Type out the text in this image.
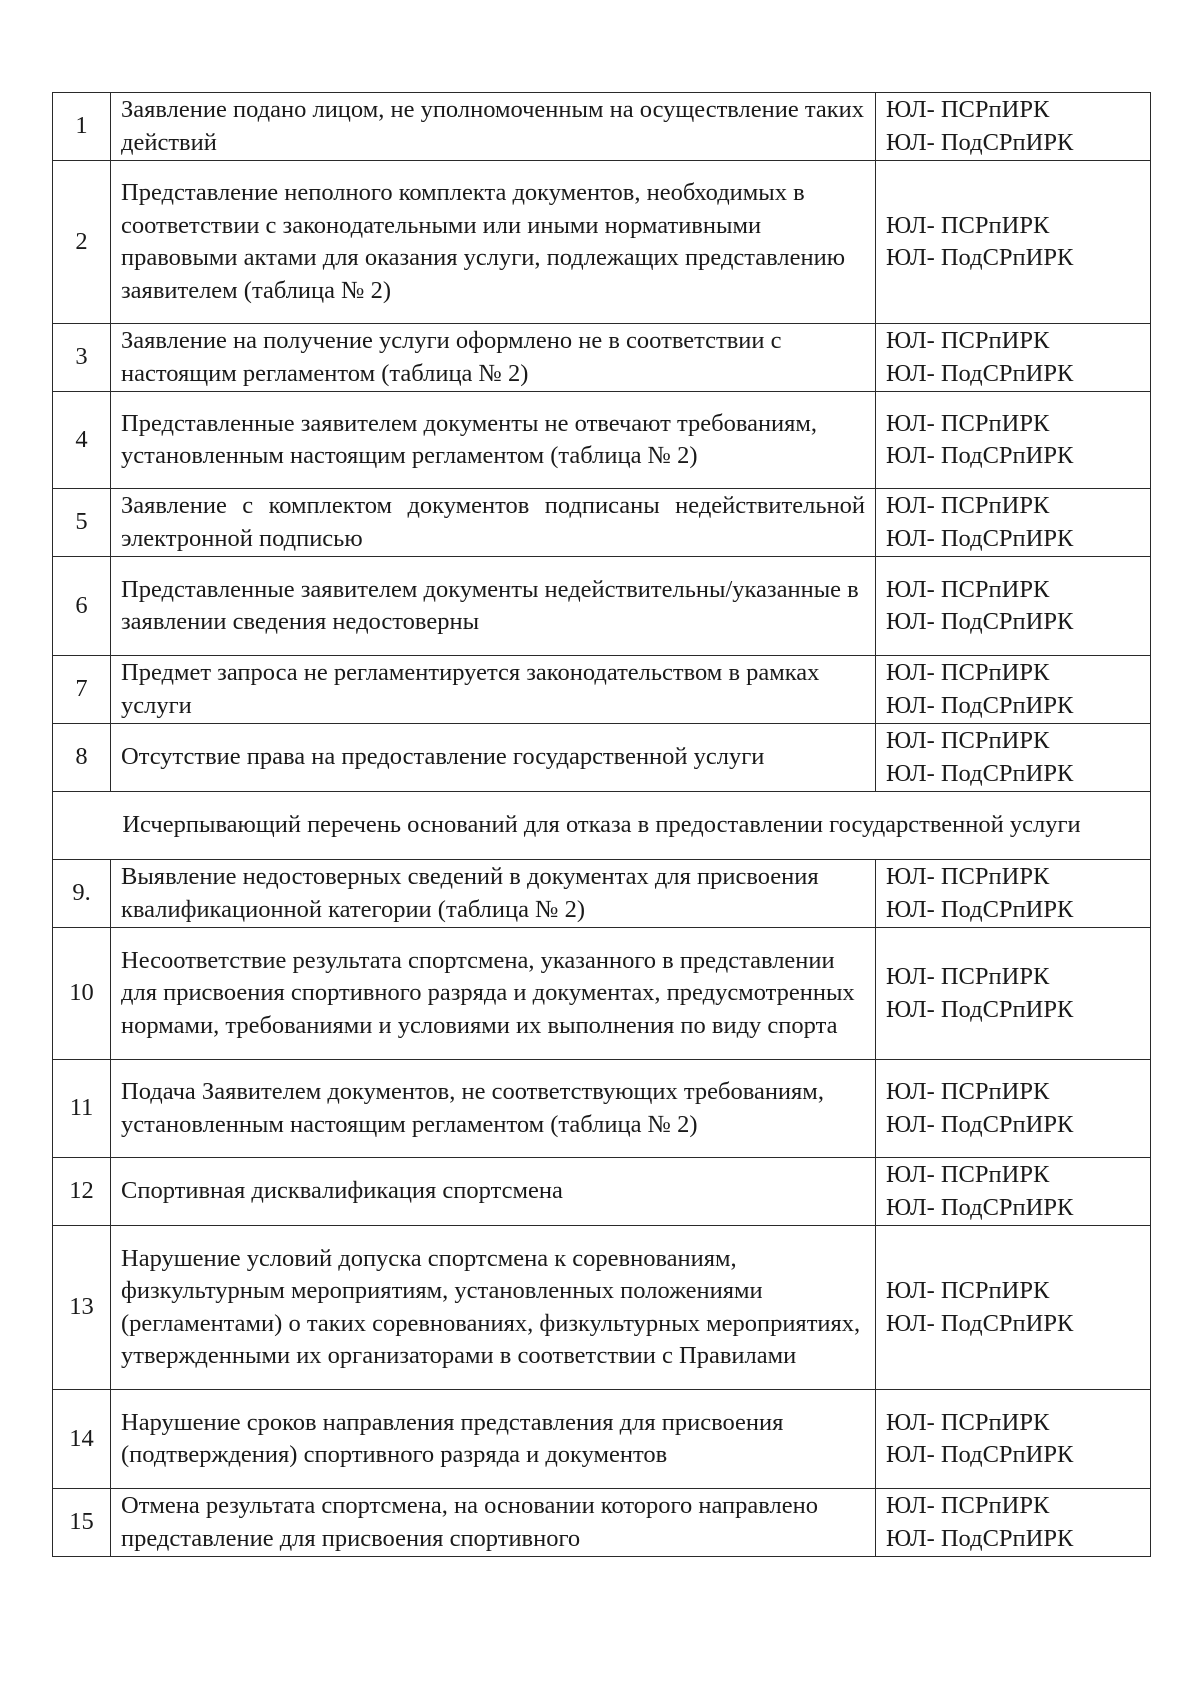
1	Заявление подано лицом, не уполномоченным на осуществление таких действий	ЮЛ- ПСРпИРК
ЮЛ- ПодСРпИРК

2	Представление неполного комплекта документов, необходимых в соответствии с законодательными или иными нормативными правовыми актами для оказания услуги, подлежащих представлению заявителем (таблица № 2)	ЮЛ- ПСРпИРК
ЮЛ- ПодСРпИРК

3	Заявление на получение услуги оформлено не в соответствии с настоящим регламентом (таблица № 2)	ЮЛ- ПСРпИРК
ЮЛ- ПодСРпИРК

4	Представленные заявителем документы не отвечают требованиям, установленным настоящим регламентом (таблица № 2)	ЮЛ- ПСРпИРК
ЮЛ- ПодСРпИРК

5	Заявление с комплектом документов подписаны недействительной электронной подписью	ЮЛ- ПСРпИРК
ЮЛ- ПодСРпИРК

6	Представленные заявителем документы недействительны/указанные в заявлении сведения недостоверны	ЮЛ- ПСРпИРК
ЮЛ- ПодСРпИРК

7	Предмет запроса не регламентируется законодательством в рамках услуги	ЮЛ- ПСРпИРК
ЮЛ- ПодСРпИРК

8	Отсутствие права на предоставление государственной услуги	ЮЛ- ПСРпИРК
ЮЛ- ПодСРпИРК

Исчерпывающий перечень оснований для отказа в предоставлении государственной услуги		
9.	Выявление недостоверных сведений в документах для присвоения квалификационной категории (таблица № 2)	ЮЛ- ПСРпИРК
ЮЛ- ПодСРпИРК

10	Несоответствие результата спортсмена, указанного в представлении для присвоения спортивного разряда и документах, предусмотренных нормами, требованиями и условиями их выполнения по виду спорта	ЮЛ- ПСРпИРК
ЮЛ- ПодСРпИРК

11	Подача Заявителем документов, не соответствующих требованиям, установленным настоящим регламентом (таблица № 2)	ЮЛ- ПСРпИРК
ЮЛ- ПодСРпИРК

12	Спортивная дисквалификация спортсмена	ЮЛ- ПСРпИРК
ЮЛ- ПодСРпИРК

13	Нарушение условий допуска спортсмена к соревнованиям, физкультурным мероприятиям, установленных положениями (регламентами) о таких соревнованиях, физкультурных мероприятиях, утвержденными их организаторами в соответствии с Правилами	ЮЛ- ПСРпИРК
ЮЛ- ПодСРпИРК

14	Нарушение сроков направления представления для присвоения (подтверждения) спортивного разряда и документов	ЮЛ- ПСРпИРК
ЮЛ- ПодСРпИРК

15	Отмена результата спортсмена, на основании которого направлено представление для присвоения спортивного	ЮЛ- ПСРпИРК
ЮЛ- ПодСРпИРК
